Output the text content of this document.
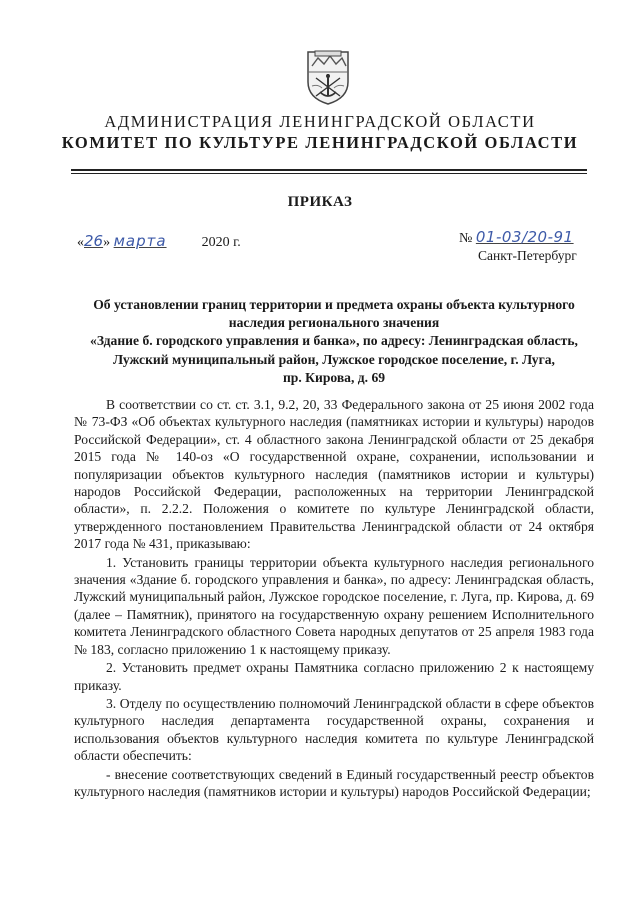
АДМИНИСТРАЦИЯ ЛЕНИНГРАДСКОЙ ОБЛАСТИ
КОМИТЕТ ПО КУЛЬТУРЕ ЛЕНИНГРАДСКОЙ ОБЛАСТИ
ПРИКАЗ
«26» марта	2020 г.	№ 01-03/20-91
Санкт-Петербург
Об установлении границ территории и предмета охраны объекта культурного
наследия регионального значения
«Здание б. городского управления и банка», по адресу: Ленинградская область,
Лужский муниципальный район, Лужское городское поселение, г. Луга,
пр. Кирова, д. 69

В соответствии со ст. ст. 3.1, 9.2, 20, 33 Федерального закона от 25 июня 2002 года № 73-ФЗ «Об объектах культурного наследия (памятниках истории и культуры) народов Российской Федерации», ст. 4 областного закона Ленинградской области от 25 декабря 2015 года № 140-оз «О государственной охране, сохранении, использовании и популяризации объектов культурного наследия (памятников истории и культуры) народов Российской Федерации, расположенных на территории Ленинградской области», п. 2.2.2. Положения о комитете по культуре Ленинградской области, утвержденного постановлением Правительства Ленинградской области от 24 октября 2017 года № 431, приказываю:

1. Установить границы территории объекта культурного наследия регионального значения «Здание б. городского управления и банка», по адресу: Ленинградская область, Лужский муниципальный район, Лужское городское поселение, г. Луга, пр. Кирова, д. 69 (далее – Памятник), принятого на государственную охрану решением Исполнительного комитета Ленинградского областного Совета народных депутатов от 25 апреля 1983 года № 183, согласно приложению 1 к настоящему приказу.

2. Установить предмет охраны Памятника согласно приложению 2 к настоящему приказу.

3. Отделу по осуществлению полномочий Ленинградской области в сфере объектов культурного наследия департамента государственной охраны, сохранения и использования объектов культурного наследия комитета по культуре Ленинградской области обеспечить:

- внесение соответствующих сведений в Единый государственный реестр объектов культурного наследия (памятников истории и культуры) народов Российской Федерации;
